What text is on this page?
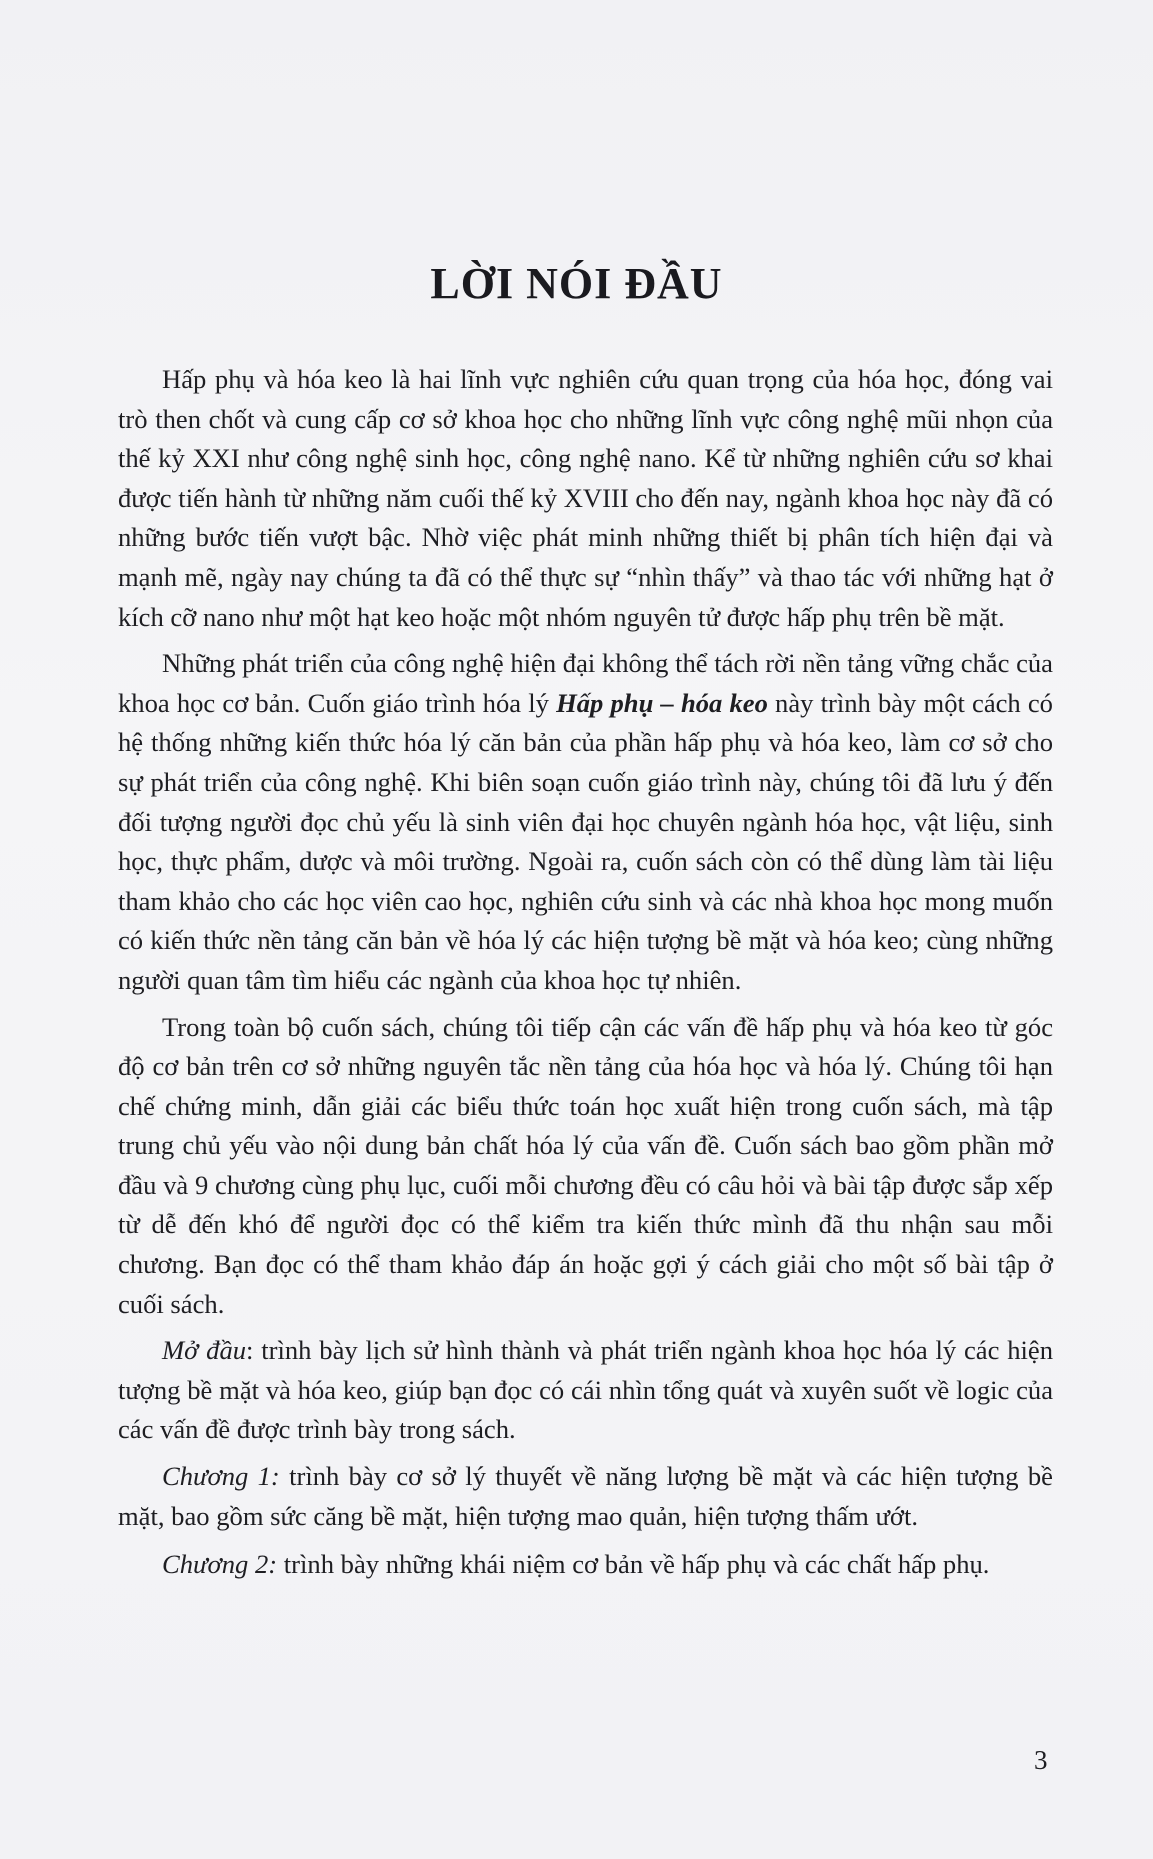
LỜI NÓI ĐẦU

Hấp phụ và hóa keo là hai lĩnh vực nghiên cứu quan trọng của hóa học, đóng vai trò then chốt và cung cấp cơ sở khoa học cho những lĩnh vực công nghệ mũi nhọn của thế kỷ XXI như công nghệ sinh học, công nghệ nano. Kể từ những nghiên cứu sơ khai được tiến hành từ những năm cuối thế kỷ XVIII cho đến nay, ngành khoa học này đã có những bước tiến vượt bậc. Nhờ việc phát minh những thiết bị phân tích hiện đại và mạnh mẽ, ngày nay chúng ta đã có thể thực sự “nhìn thấy” và thao tác với những hạt ở kích cỡ nano như một hạt keo hoặc một nhóm nguyên tử được hấp phụ trên bề mặt.

Những phát triển của công nghệ hiện đại không thể tách rời nền tảng vững chắc của khoa học cơ bản. Cuốn giáo trình hóa lý Hấp phụ – hóa keo này trình bày một cách có hệ thống những kiến thức hóa lý căn bản của phần hấp phụ và hóa keo, làm cơ sở cho sự phát triển của công nghệ. Khi biên soạn cuốn giáo trình này, chúng tôi đã lưu ý đến đối tượng người đọc chủ yếu là sinh viên đại học chuyên ngành hóa học, vật liệu, sinh học, thực phẩm, dược và môi trường. Ngoài ra, cuốn sách còn có thể dùng làm tài liệu tham khảo cho các học viên cao học, nghiên cứu sinh và các nhà khoa học mong muốn có kiến thức nền tảng căn bản về hóa lý các hiện tượng bề mặt và hóa keo; cùng những người quan tâm tìm hiểu các ngành của khoa học tự nhiên.

Trong toàn bộ cuốn sách, chúng tôi tiếp cận các vấn đề hấp phụ và hóa keo từ góc độ cơ bản trên cơ sở những nguyên tắc nền tảng của hóa học và hóa lý. Chúng tôi hạn chế chứng minh, dẫn giải các biểu thức toán học xuất hiện trong cuốn sách, mà tập trung chủ yếu vào nội dung bản chất hóa lý của vấn đề. Cuốn sách bao gồm phần mở đầu và 9 chương cùng phụ lục, cuối mỗi chương đều có câu hỏi và bài tập được sắp xếp từ dễ đến khó để người đọc có thể kiểm tra kiến thức mình đã thu nhận sau mỗi chương. Bạn đọc có thể tham khảo đáp án hoặc gợi ý cách giải cho một số bài tập ở cuối sách.

Mở đầu: trình bày lịch sử hình thành và phát triển ngành khoa học hóa lý các hiện tượng bề mặt và hóa keo, giúp bạn đọc có cái nhìn tổng quát và xuyên suốt về logic của các vấn đề được trình bày trong sách.

Chương 1: trình bày cơ sở lý thuyết về năng lượng bề mặt và các hiện tượng bề mặt, bao gồm sức căng bề mặt, hiện tượng mao quản, hiện tượng thấm ướt.

Chương 2: trình bày những khái niệm cơ bản về hấp phụ và các chất hấp phụ.

3
